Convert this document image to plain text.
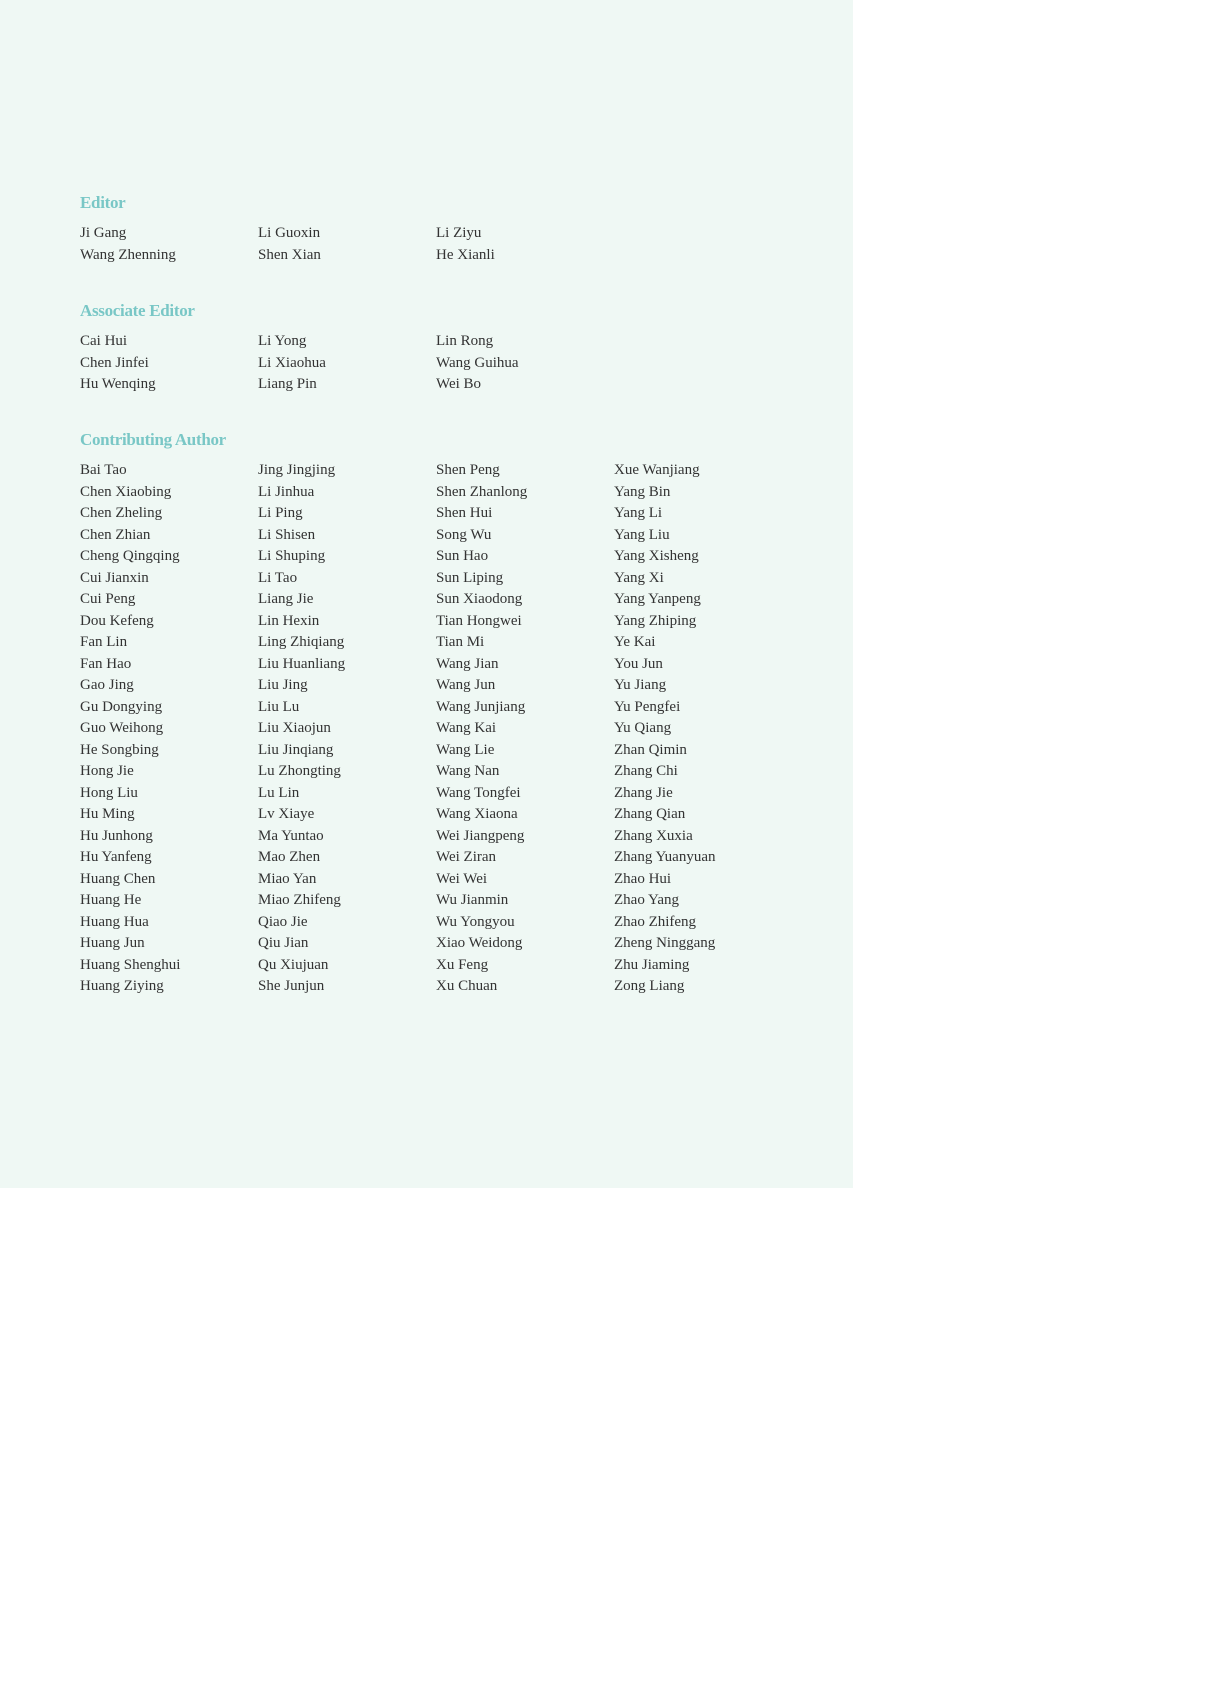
Editor
Ji Gang	Li Guoxin	Li Ziyu
Wang Zhenning	Shen Xian	He Xianli
Associate Editor
Cai Hui	Li Yong	Lin Rong
Chen Jinfei	Li Xiaohua	Wang Guihua
Hu Wenqing	Liang Pin	Wei Bo
Contributing Author
Bai Tao	Jing Jingjing	Shen Peng	Xue Wanjiang
Chen Xiaobing	Li Jinhua	Shen Zhanlong	Yang Bin
Chen Zheling	Li Ping	Shen Hui	Yang Li
Chen Zhian	Li Shisen	Song Wu	Yang Liu
Cheng Qingqing	Li Shuping	Sun Hao	Yang Xisheng
Cui Jianxin	Li Tao	Sun Liping	Yang Xi
Cui Peng	Liang Jie	Sun Xiaodong	Yang Yanpeng
Dou Kefeng	Lin Hexin	Tian Hongwei	Yang Zhiping
Fan Lin	Ling Zhiqiang	Tian Mi	Ye Kai
Fan Hao	Liu Huanliang	Wang Jian	You Jun
Gao Jing	Liu Jing	Wang Jun	Yu Jiang
Gu Dongying	Liu Lu	Wang Junjiang	Yu Pengfei
Guo Weihong	Liu Xiaojun	Wang Kai	Yu Qiang
He Songbing	Liu Jinqiang	Wang Lie	Zhan Qimin
Hong Jie	Lu Zhongting	Wang Nan	Zhang Chi
Hong Liu	Lu Lin	Wang Tongfei	Zhang Jie
Hu Ming	Lv Xiaye	Wang Xiaona	Zhang Qian
Hu Junhong	Ma Yuntao	Wei Jiangpeng	Zhang Xuxia
Hu Yanfeng	Mao Zhen	Wei Ziran	Zhang Yuanyuan
Huang Chen	Miao Yan	Wei Wei	Zhao Hui
Huang He	Miao Zhifeng	Wu Jianmin	Zhao Yang
Huang Hua	Qiao Jie	Wu Yongyou	Zhao Zhifeng
Huang Jun	Qiu Jian	Xiao Weidong	Zheng Ninggang
Huang Shenghui	Qu Xiujuan	Xu Feng	Zhu Jiaming
Huang Ziying	She Junjun	Xu Chuan	Zong Liang
